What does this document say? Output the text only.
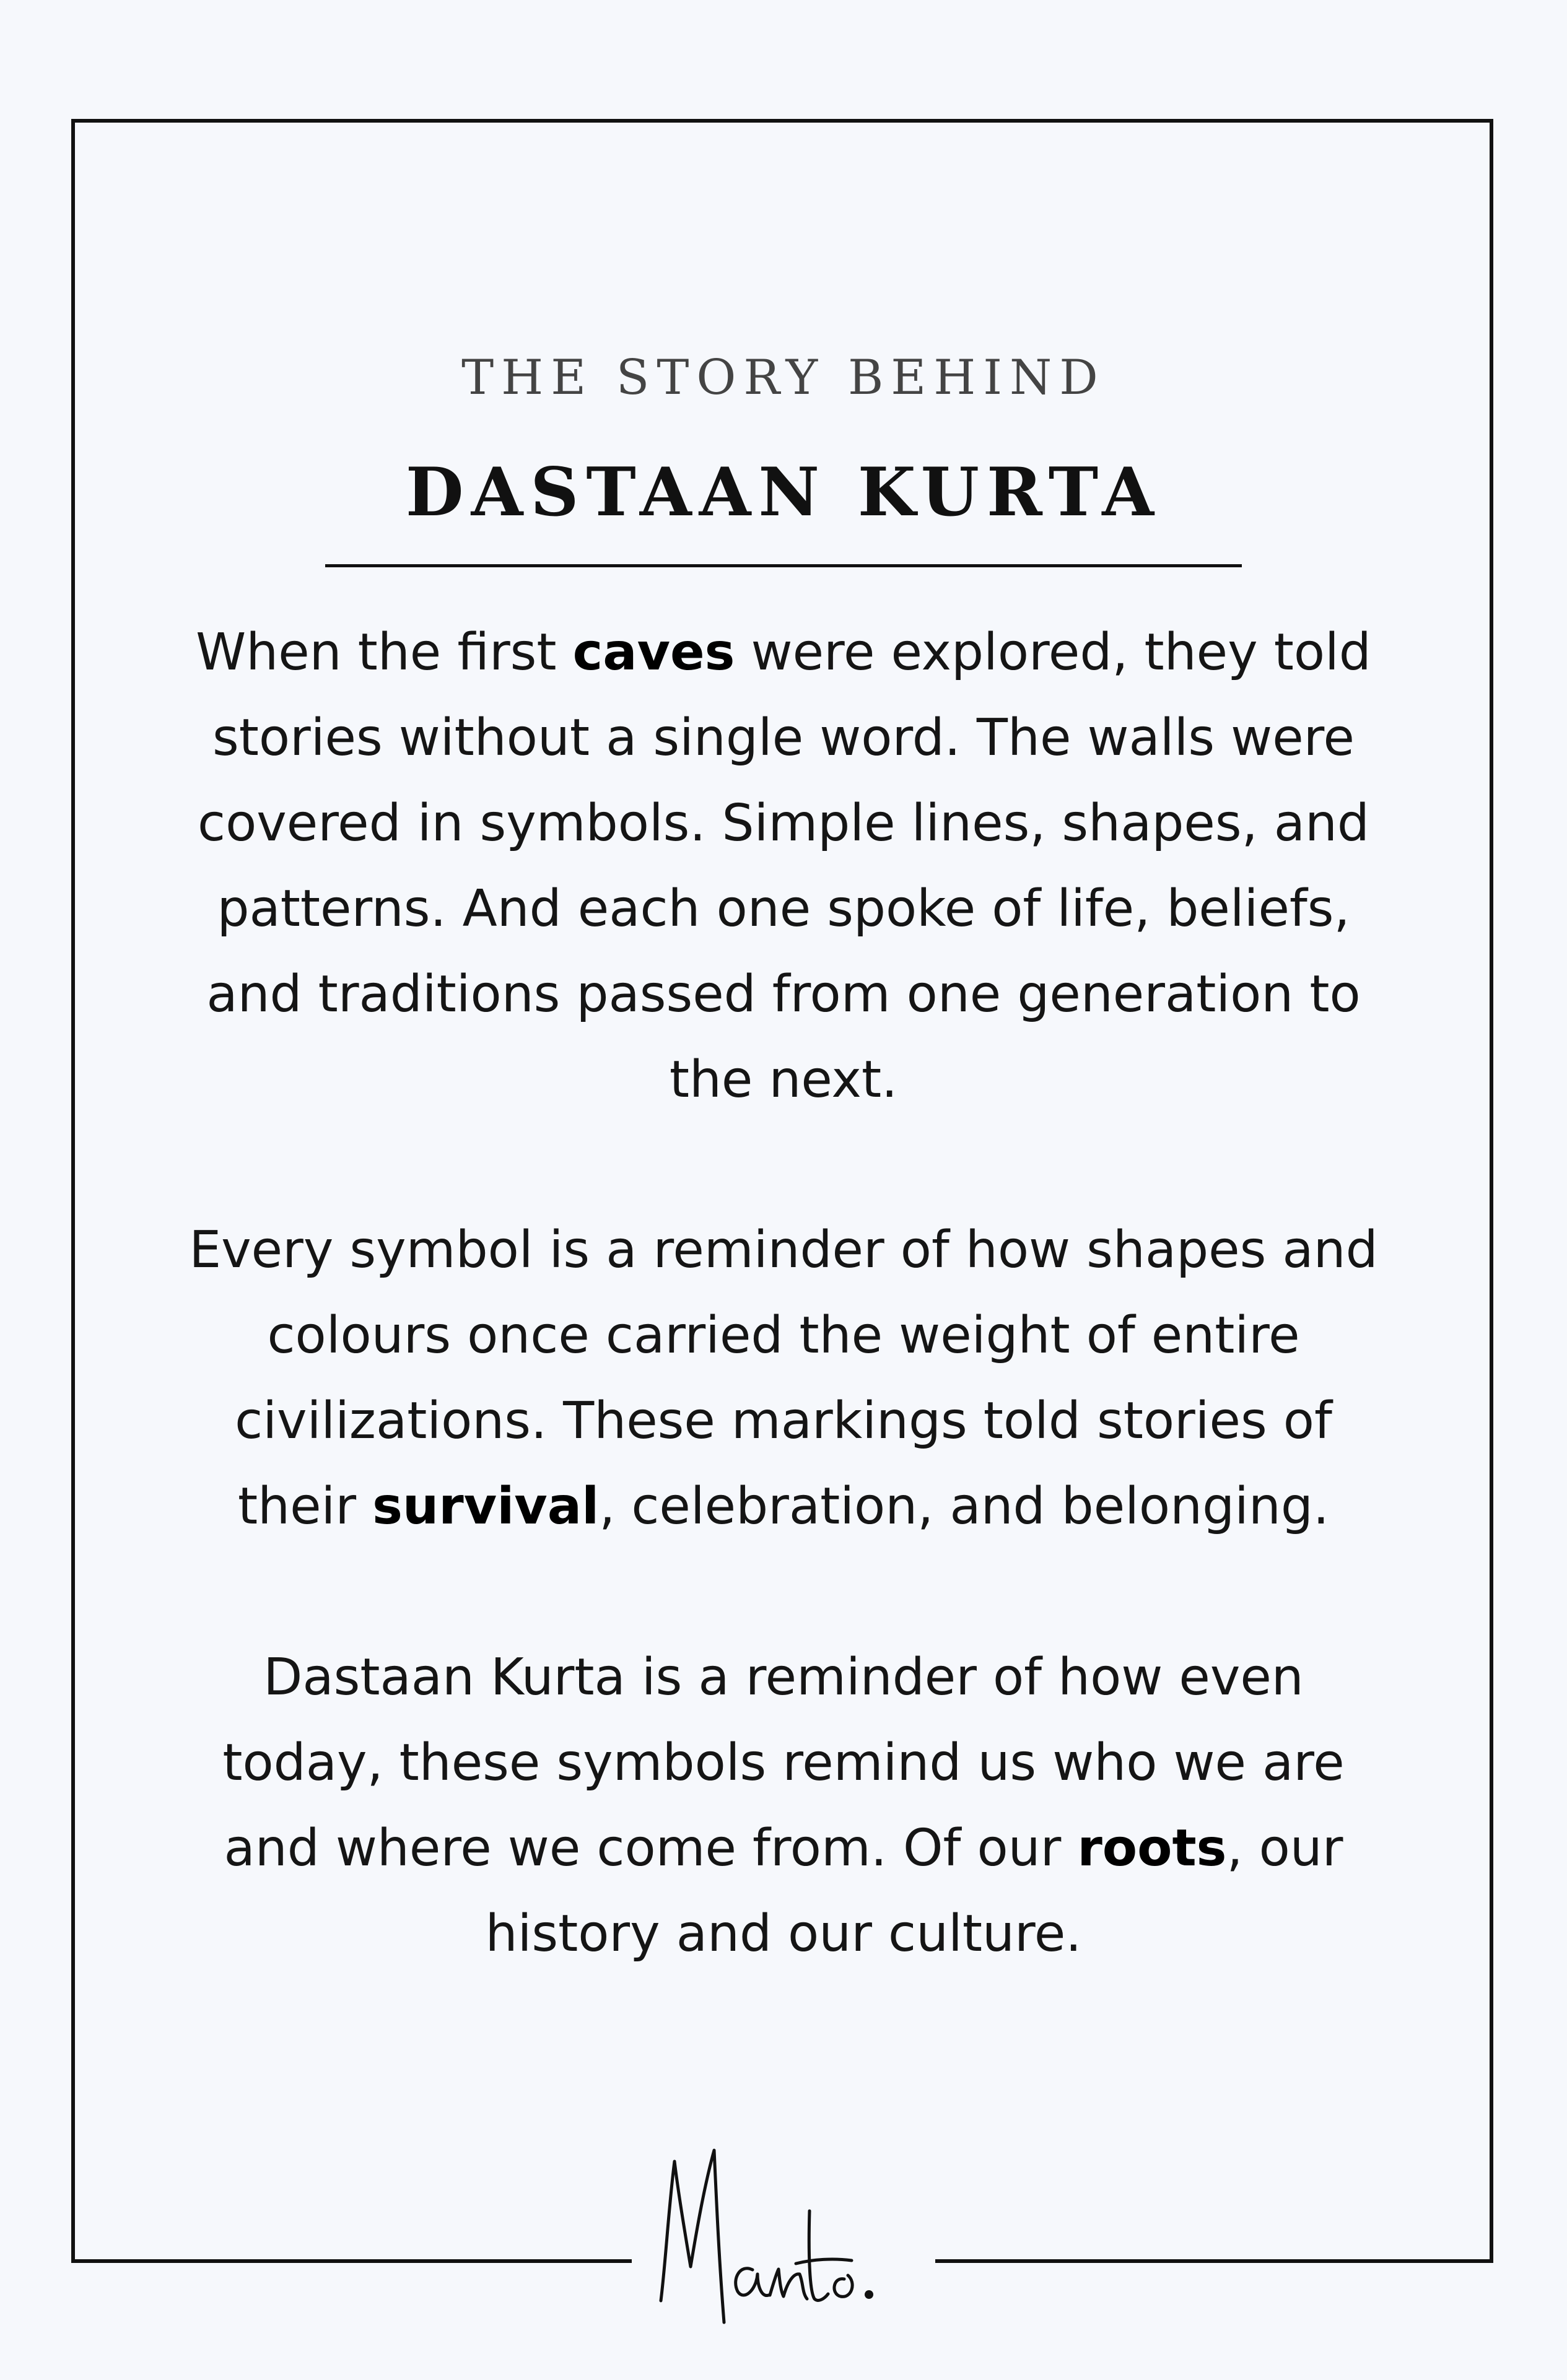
THE STORY BEHIND
DASTAAN KURTA
When the first caves were explored, they told
stories without a single word. The walls were
covered in symbols. Simple lines, shapes, and
patterns. And each one spoke of life, beliefs,
and traditions passed from one generation to
the next.
Every symbol is a reminder of how shapes and
colours once carried the weight of entire
civilizations. These markings told stories of
their survival, celebration, and belonging.
Dastaan Kurta is a reminder of how even
today, these symbols remind us who we are
and where we come from. Of our roots, our
history and our culture.
